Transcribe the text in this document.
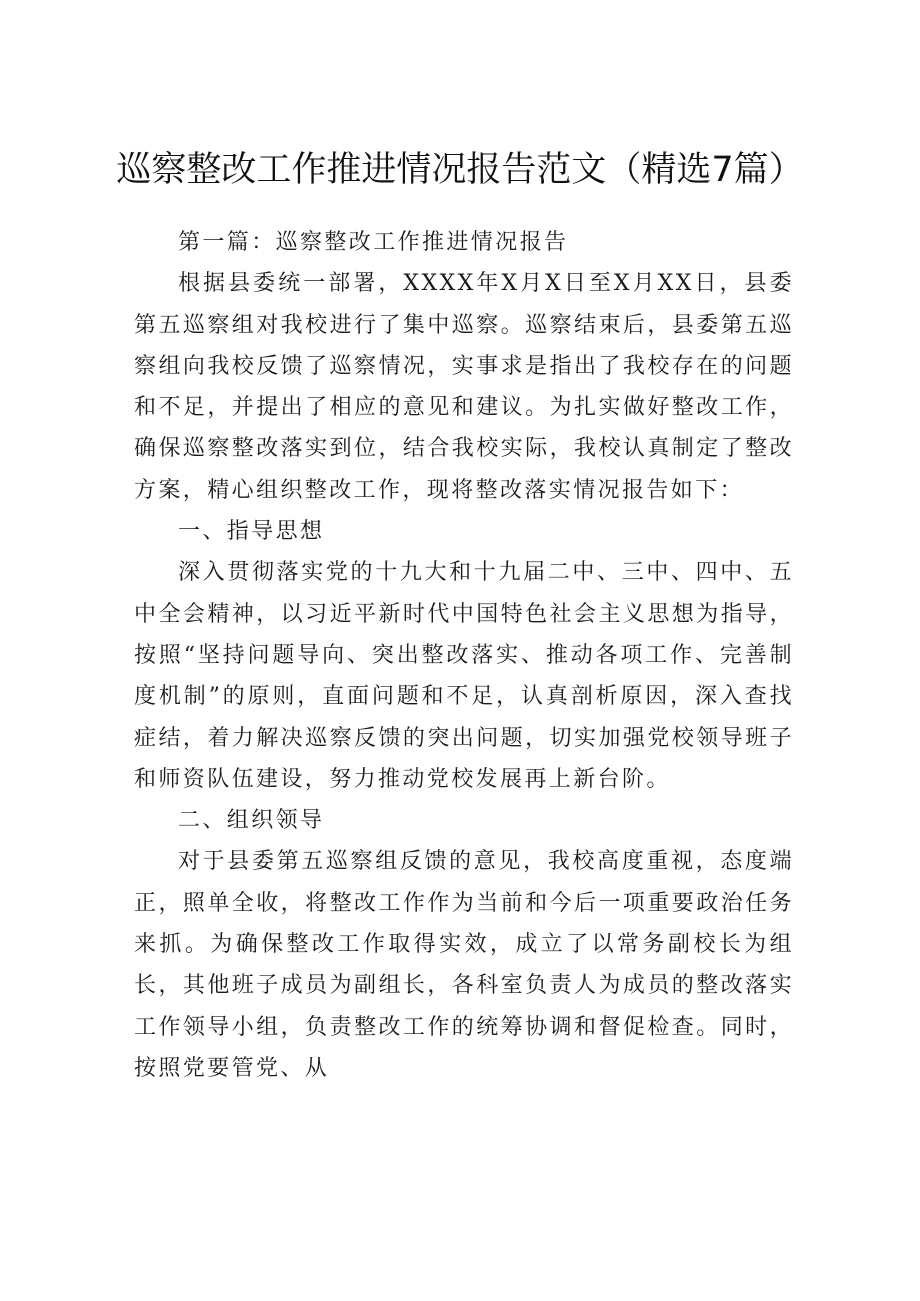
巡察整改工作推进情况报告范文（精选7篇）

第一篇：巡察整改工作推进情况报告

根据县委统一部署，XXXX年X月X日至X月XX日，县委第五巡察组对我校进行了集中巡察。巡察结束后，县委第五巡察组向我校反馈了巡察情况，实事求是指出了我校存在的问题和不足，并提出了相应的意见和建议。为扎实做好整改工作，确保巡察整改落实到位，结合我校实际，我校认真制定了整改方案，精心组织整改工作，现将整改落实情况报告如下：

一、指导思想

深入贯彻落实党的十九大和十九届二中、三中、四中、五中全会精神，以习近平新时代中国特色社会主义思想为指导，按照“坚持问题导向、突出整改落实、推动各项工作、完善制度机制”的原则，直面问题和不足，认真剖析原因，深入查找症结，着力解决巡察反馈的突出问题，切实加强党校领导班子和师资队伍建设，努力推动党校发展再上新台阶。

二、组织领导

对于县委第五巡察组反馈的意见，我校高度重视，态度端正，照单全收，将整改工作作为当前和今后一项重要政治任务来抓。为确保整改工作取得实效，成立了以常务副校长为组长，其他班子成员为副组长，各科室负责人为成员的整改落实工作领导小组，负责整改工作的统筹协调和督促检查。同时，按照党要管党、从
